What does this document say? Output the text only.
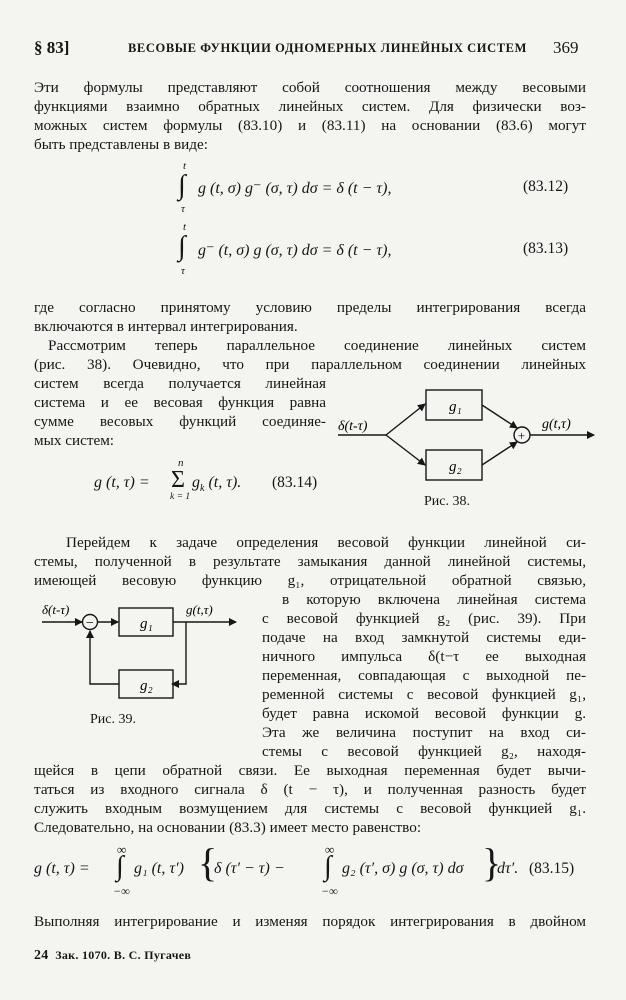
§ 83]	ВЕСОВЫЕ ФУНКЦИИ ОДНОМЕРНЫХ ЛИНЕЙНЫХ СИСТЕМ 369
Эти формулы представляют собой соотношения между весовыми
функциями взаимно обратных линейных систем. Для физически воз-
можных систем формулы (83.10) и (83.11) на основании (83.6) могут
быть представлены в виде:
t
∫
τ
g (t, σ) g⁻ (σ, τ) dσ = δ (t − τ),	(83.12)
t
∫
τ
g⁻ (t, σ) g (σ, τ) dσ = δ (t − τ),	(83.13)
где согласно принятому условию пределы интегрирования всегда
включаются в интервал интегрирования.
Рассмотрим теперь параллельное соединение линейных систем
(рис. 38). Очевидно, что при параллельном соединении линейных
систем всегда получается линейная
система и ее весовая функция равна
сумме весовых функций соединяе-
мых систем:
g (t, τ) =
n
Σ
k = 1
$g_k$ (t, τ). (83.14)
δ(t-τ)
g₁
g₂
+
g(t,τ)
Рис. 38.
Перейдем к задаче определения весовой функции линейной си-
стемы, полученной в результате замыкания данной линейной системы,
имеющей весовую функцию g₁, отрицательной обратной связью,
в которую включена линейная система
с весовой функцией g₂ (рис. 39). При
подаче на вход замкнутой системы еди-
ничного импульса δ(t−τ ее выходная
переменная, совпадающая с выходной пе-
ременной системы с весовой функцией g₁,
будет равна искомой весовой функции g.
Эта же величина поступит на вход си-
стемы с весовой функцией g₂, находя-
δ(t-τ)
−	g₁
g(t,τ)
g₂
Рис. 39.
щейся в цепи обратной связи. Ее выходная переменная будет вычи-
таться из входного сигнала δ (t − τ), и полученная разность будет
служить входным возмущением для системы с весовой функцией g₁.
Следовательно, на основании (83.3) имеет место равенство:
g (t, τ) =
∞
∫
−∞
g₁ (t, τ′) {
δ (τ′ − τ) −
∞
∫
−∞
g₂ (τ′, σ) g (σ, τ) dσ }
dτ′. (83.15)
Выполняя интегрирование и изменяя порядок интегрирования в двойном
24 Зак. 1070. В. С. Пугачев
